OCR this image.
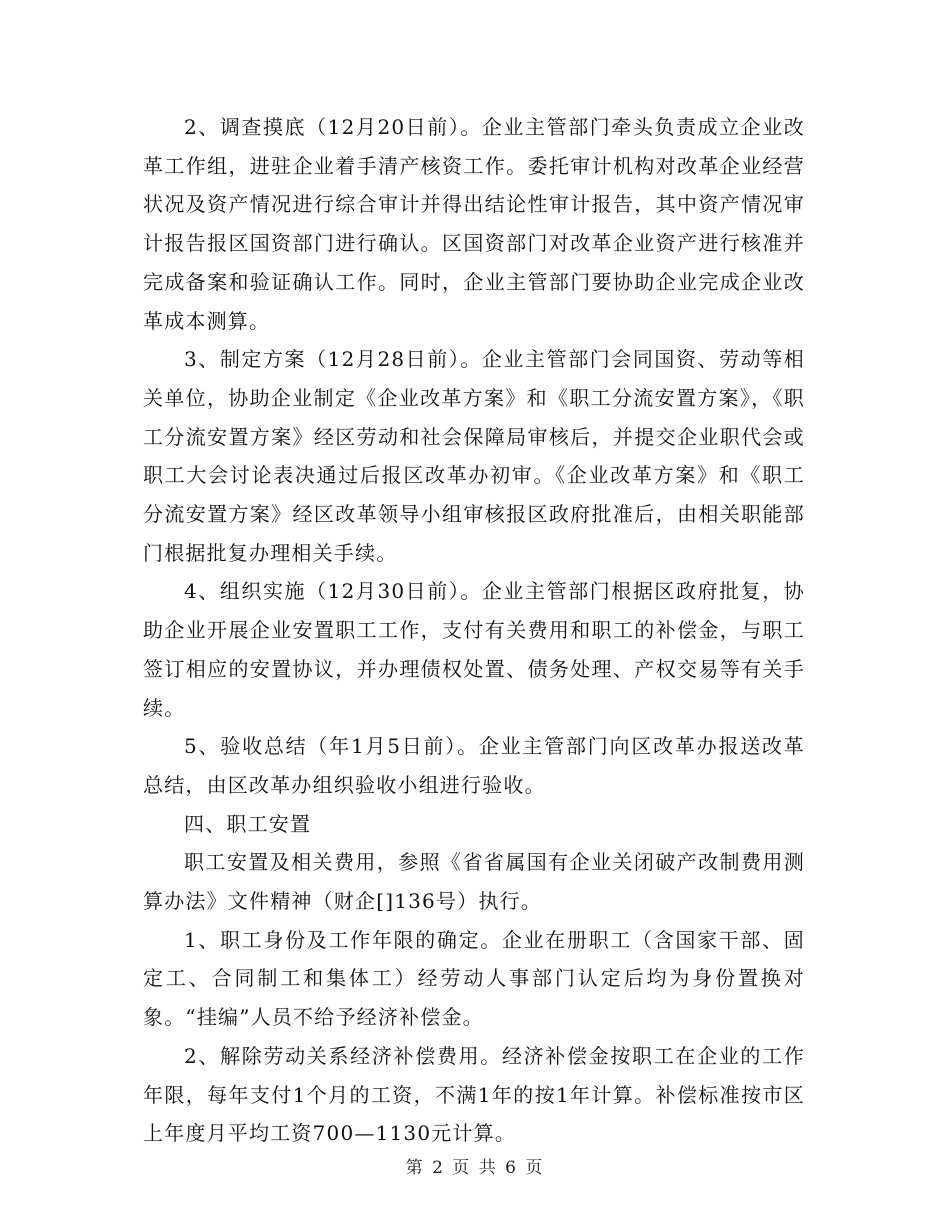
2、调查摸底（12月20日前）。企业主管部门牵头负责成立企业改革工作组，进驻企业着手清产核资工作。委托审计机构对改革企业经营状况及资产情况进行综合审计并得出结论性审计报告，其中资产情况审计报告报区国资部门进行确认。区国资部门对改革企业资产进行核准并完成备案和验证确认工作。同时，企业主管部门要协助企业完成企业改革成本测算。

3、制定方案（12月28日前）。企业主管部门会同国资、劳动等相关单位，协助企业制定《企业改革方案》和《职工分流安置方案》，《职工分流安置方案》经区劳动和社会保障局审核后，并提交企业职代会或职工大会讨论表决通过后报区改革办初审。《企业改革方案》和《职工分流安置方案》经区改革领导小组审核报区政府批准后，由相关职能部门根据批复办理相关手续。

4、组织实施（12月30日前）。企业主管部门根据区政府批复，协助企业开展企业安置职工工作，支付有关费用和职工的补偿金，与职工签订相应的安置协议，并办理债权处置、债务处理、产权交易等有关手续。

5、验收总结（年1月5日前）。企业主管部门向区改革办报送改革总结，由区改革办组织验收小组进行验收。

四、职工安置

职工安置及相关费用，参照《省省属国有企业关闭破产改制费用测算办法》文件精神（财企[]136号）执行。

1、职工身份及工作年限的确定。企业在册职工（含国家干部、固定工、合同制工和集体工）经劳动人事部门认定后均为身份置换对象。“挂编”人员不给予经济补偿金。

2、解除劳动关系经济补偿费用。经济补偿金按职工在企业的工作年限，每年支付1个月的工资，不满1年的按1年计算。补偿标准按市区上年度月平均工资700—1130元计算。

第 2 页 共 6 页
